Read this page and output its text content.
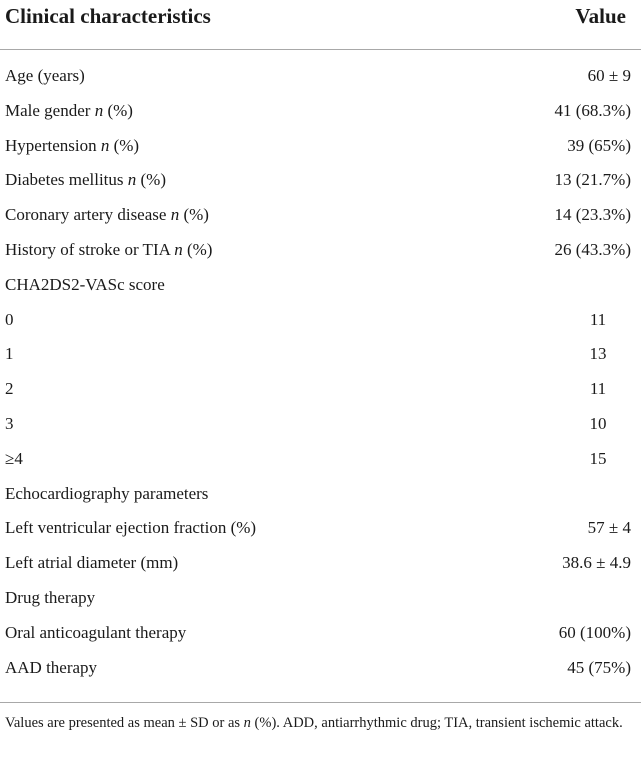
Clinical characteristics	Value
Age (years)	60 ± 9
Male gender n (%)	41 (68.3%)
Hypertension n (%)	39 (65%)
Diabetes mellitus n (%)	13 (21.7%)
Coronary artery disease n (%)	14 (23.3%)
History of stroke or TIA n (%)	26 (43.3%)
CHA2DS2-VASc score
0	11
1	13
2	11
3	10
≥4	15
Echocardiography parameters
Left ventricular ejection fraction (%)	57 ± 4
Left atrial diameter (mm)	38.6 ± 4.9
Drug therapy
Oral anticoagulant therapy	60 (100%)
AAD therapy	45 (75%)
Values are presented as mean ± SD or as n (%). ADD, antiarrhythmic drug; TIA, transient ischemic attack.
